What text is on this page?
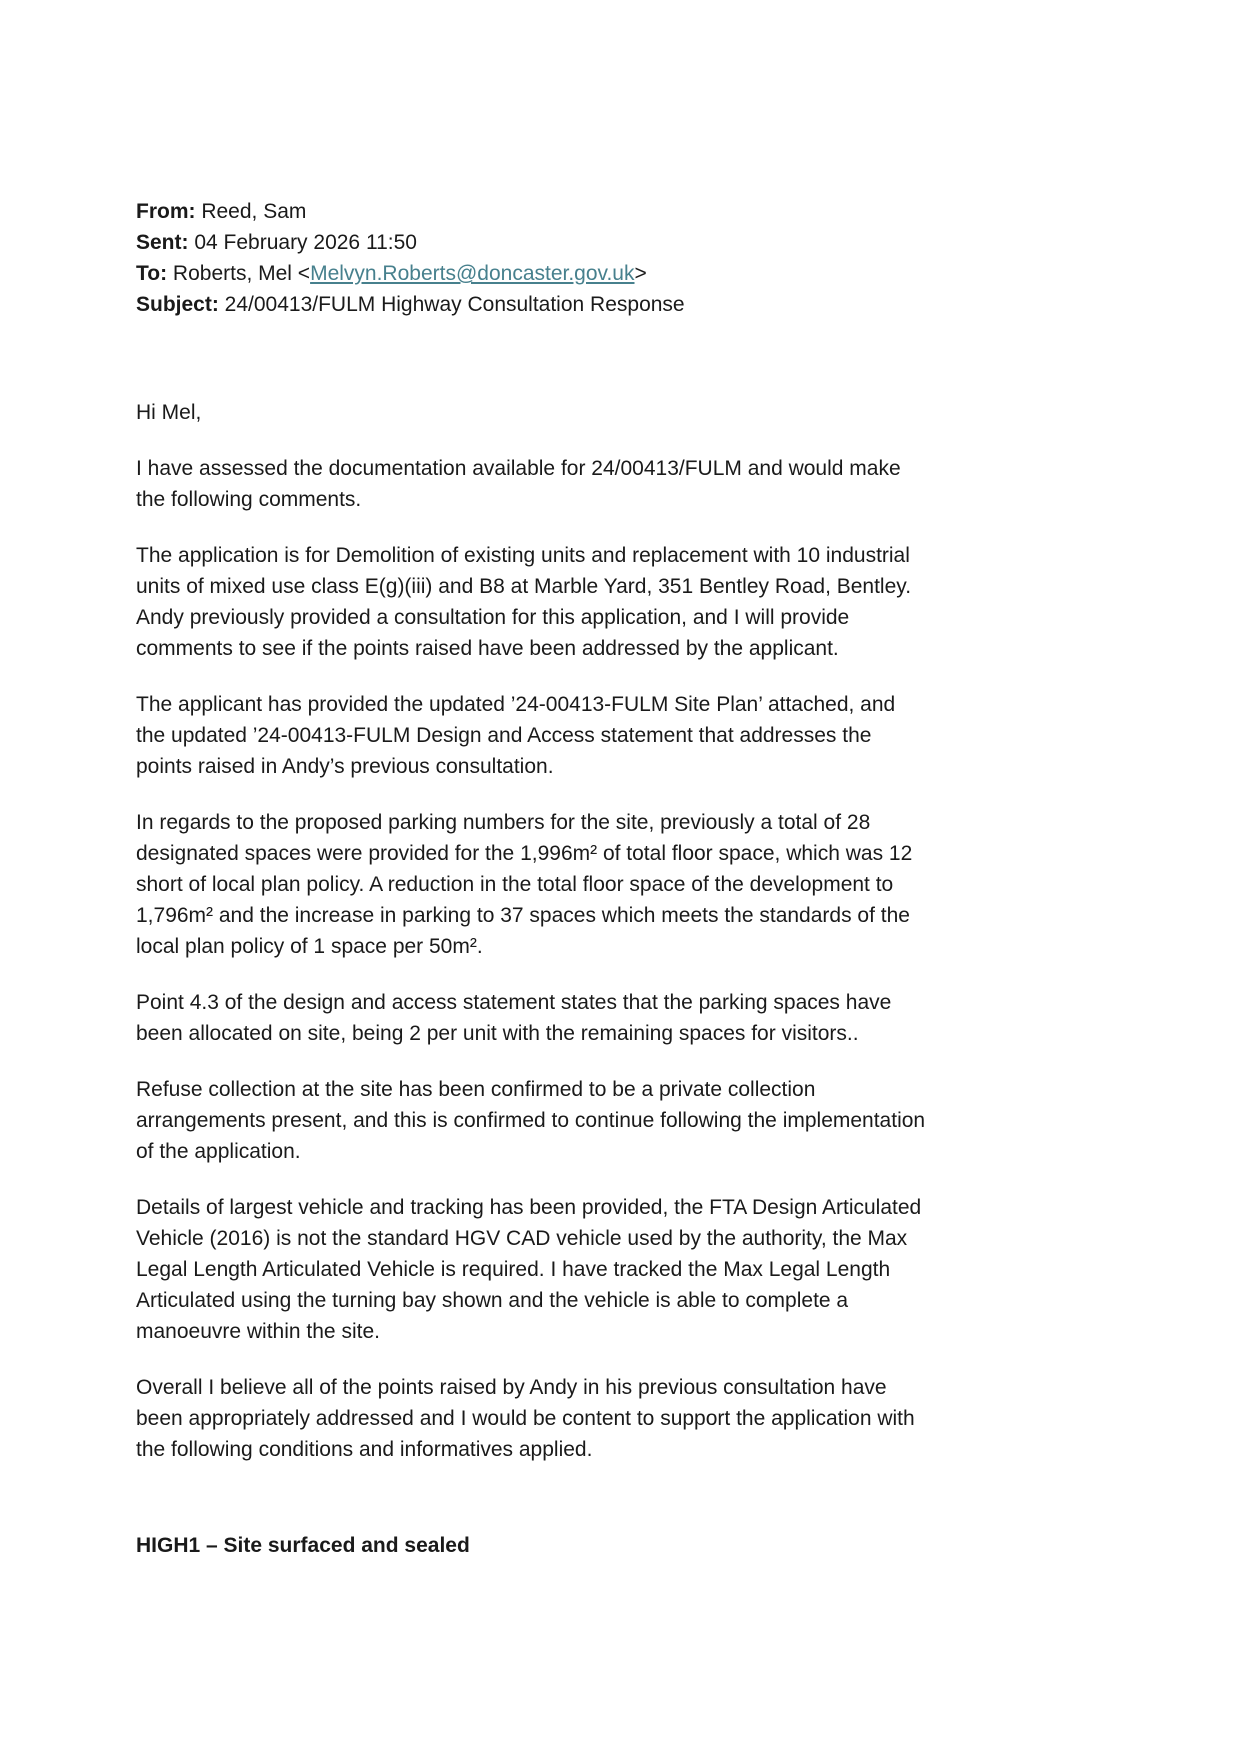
From: Reed, Sam

Sent: 04 February 2026 11:50

To: Roberts, Mel <Melvyn.Roberts@doncaster.gov.uk>

Subject: 24/00413/FULM Highway Consultation Response

Hi Mel,

I have assessed the documentation available for 24/00413/FULM and would make
the following comments.

The application is for Demolition of existing units and replacement with 10 industrial
units of mixed use class E(g)(iii) and B8 at Marble Yard, 351 Bentley Road, Bentley.
Andy previously provided a consultation for this application, and I will provide
comments to see if the points raised have been addressed by the applicant.

The applicant has provided the updated ’24-00413-FULM Site Plan’ attached, and
the updated ’24-00413-FULM Design and Access statement that addresses the
points raised in Andy’s previous consultation.

In regards to the proposed parking numbers for the site, previously a total of 28
designated spaces were provided for the 1,996m² of total floor space, which was 12
short of local plan policy. A reduction in the total floor space of the development to
1,796m² and the increase in parking to 37 spaces which meets the standards of the
local plan policy of 1 space per 50m².

Point 4.3 of the design and access statement states that the parking spaces have
been allocated on site, being 2 per unit with the remaining spaces for visitors..

Refuse collection at the site has been confirmed to be a private collection
arrangements present, and this is confirmed to continue following the implementation
of the application.

Details of largest vehicle and tracking has been provided, the FTA Design Articulated
Vehicle (2016) is not the standard HGV CAD vehicle used by the authority, the Max
Legal Length Articulated Vehicle is required. I have tracked the Max Legal Length
Articulated using the turning bay shown and the vehicle is able to complete a
manoeuvre within the site.

Overall I believe all of the points raised by Andy in his previous consultation have
been appropriately addressed and I would be content to support the application with
the following conditions and informatives applied.

HIGH1 – Site surfaced and sealed
